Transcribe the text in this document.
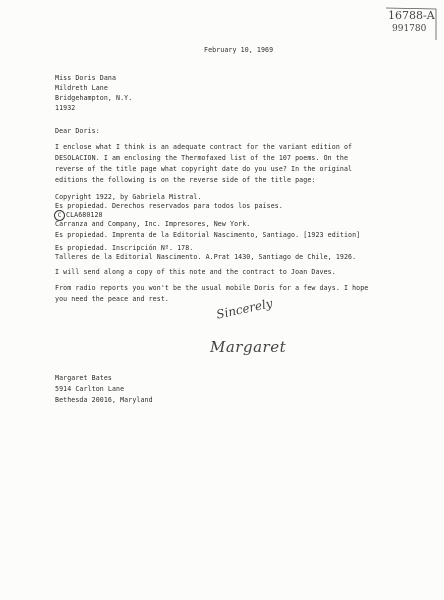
16788-A
991780
February 10, 1969
Miss Doris Dana
Mildreth Lane
Bridgehampton, N.Y.
11932
Dear Doris:
I enclose what I think is an adequate contract for the variant edition of
DESOLACION. I am enclosing the Thermofaxed list of the 107 poems. On the
reverse of the title page what copyright date do you use? In the original
editions the following is on the reverse side of the title page:
Copyright 1922, by Gabriela Mistral.
Es propiedad. Derechos reservados para todos los países.
C CLA680120
Carranza and Company, Inc. Impresores, New York.
Es propiedad. Imprenta de la Editorial Nascimento, Santiago. [1923 edition]
Es propiedad. Inscripción Nº. 178.
Talleres de la Editorial Nascimento. A.Prat 1430, Santiago de Chile, 1926.
I will send along a copy of this note and the contract to Joan Daves.
From radio reports you won't be the usual mobile Doris for a few days. I hope
you need the peace and rest.	Sincerely
Margaret
Margaret Bates
5914 Carlton Lane
Bethesda 20016, Maryland
